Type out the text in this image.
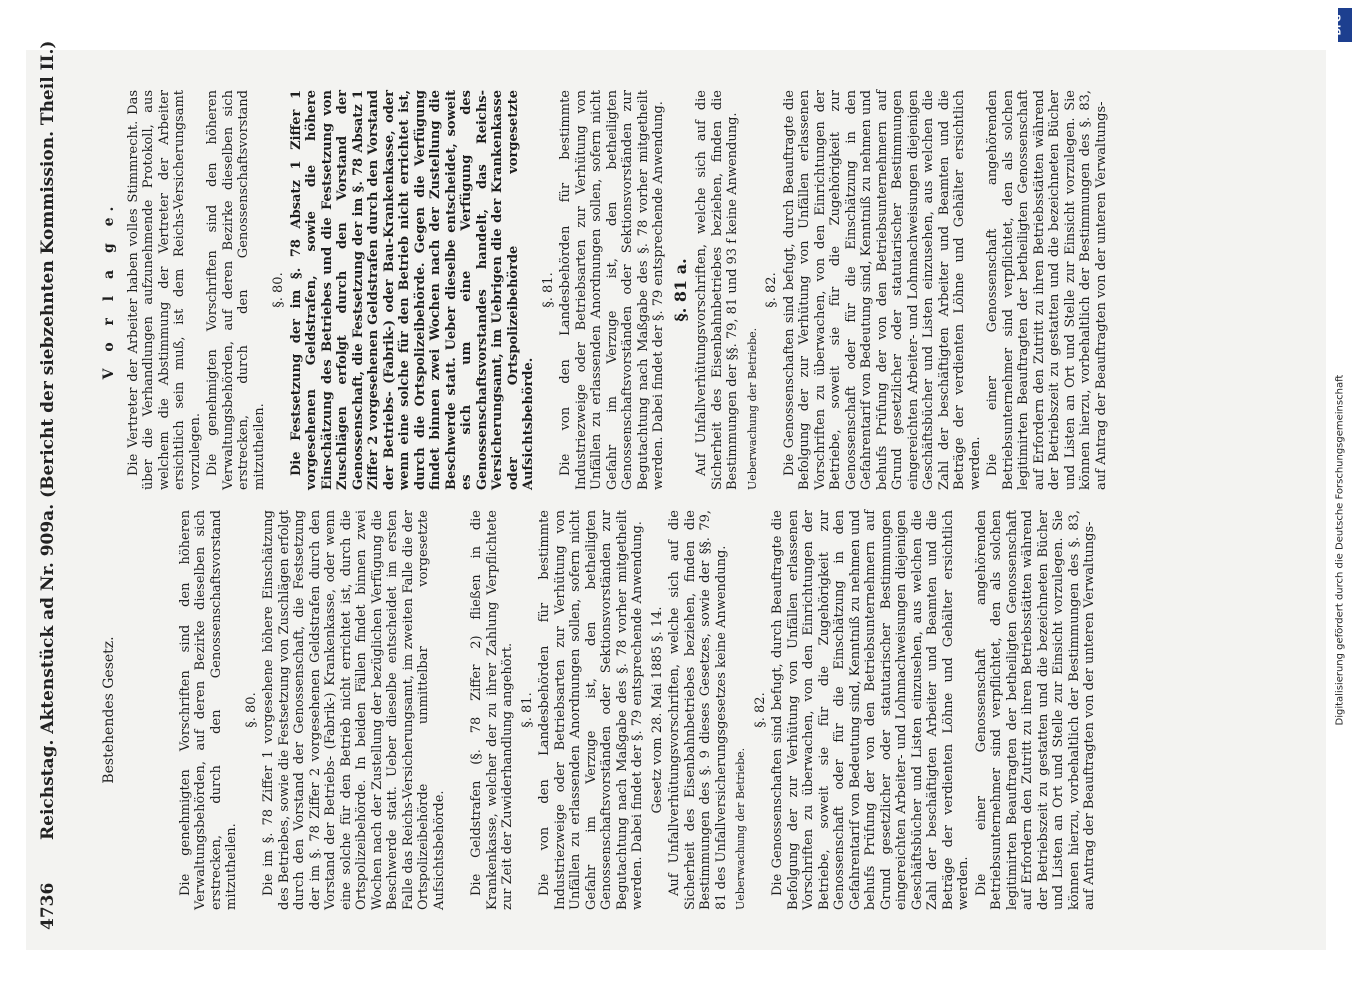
4736
Reichstag. Aktenstück ad Nr. 909a. (Bericht der siebzehnten Kommission. Theil II.)	Bestehendes Gesetz.	Die genehmigten Vorschriften sind den höheren Verwaltungsbehörden, auf deren Bezirke dieselben sich erstrecken, durch den Genossenschaftsvorstand mitzutheilen.

§. 80. Die im §. 78 Ziffer 1 vorgesehene höhere Einschätzung des Betriebes, sowie die Festsetzung von Zuschlägen erfolgt durch den Vorstand der Genossenschaft, die Festsetzung der im §. 78 Ziffer 2 vorgesehenen Geldstrafen durch den Vorstand der Betriebs- (Fabrik-) Krankenkasse, oder wenn eine solche für den Betrieb nicht errichtet ist, durch die Ortspolizeibehörde. In beiden Fällen findet binnen zwei Wochen nach der Zustellung der bezüglichen Verfügung die Beschwerde statt. Ueber dieselbe entscheidet im ersten Falle das Reichs-Versicherungsamt, im zweiten Falle die der Ortspolizeibehörde unmittelbar vorgesetzte Aufsichtsbehörde. Die Geldstrafen (§. 78 Ziffer 2) fließen in die Krankenkasse, welcher der zu ihrer Zahlung Verpflichtete zur Zeit der Zuwiderhandlung angehört. §. 81. Die von den Landesbehörden für bestimmte Industriezweige oder Betriebsarten zur Verhütung von Unfällen zu erlassenden Anordnungen sollen, sofern nicht Gefahr im Verzuge ist, den betheiligten Genossenschaftsvorständen oder Sektionsvorständen zur Begutachtung nach Maßgabe des §. 78 vorher mitgetheilt werden. Dabei findet der §. 79 entsprechende Anwendung. Gesetz vom 28. Mai 1885 §. 14. Auf Unfallverhütungsvorschriften, welche sich auf die Sicherheit des Eisenbahnbetriebes beziehen, finden die Bestimmungen des §. 9 dieses Gesetzes, sowie der §§. 79, 81 des Unfallversicherungsgesetzes keine Anwendung. Ueberwachung der Betriebe.
§. 82. Die Genossenschaften sind befugt, durch Beauftragte die Befolgung der zur Verhütung von Unfällen erlassenen Vorschriften zu überwachen, von den Einrichtungen der Betriebe, soweit sie für die Zugehörigkeit zur Genossenschaft oder für die Einschätzung in den Gefahrentarif von Bedeutung sind, Kenntniß zu nehmen und behufs Prüfung der von den Betriebsunternehmern auf Grund gesetzlicher oder statutarischer Bestimmungen eingereichten Arbeiter- und Lohnnachweisungen diejenigen Geschäftsbücher und Listen einzusehen, aus welchen die Zahl der beschäftigten Arbeiter und Beamten und die Beträge der verdienten Löhne und Gehälter ersichtlich werden. Die einer Genossenschaft angehörenden Betriebsunternehmer sind verpflichtet, den als solchen legitimirten Beauftragten der betheiligten Genossenschaft auf Erfordern den Zutritt zu ihren Betriebsstätten während der Betriebszeit zu gestatten und die bezeichneten Bücher und Listen an Ort und Stelle zur Einsicht vorzulegen. Sie können hierzu, vorbehaltlich der Bestimmungen des §. 83, auf Antrag der Beauftragten von der unteren Verwaltungs-

V o r l a g e. Die Vertreter der Arbeiter haben volles Stimmrecht. Das über die Verhandlungen aufzunehmende Protokoll, aus welchem die Abstimmung der Vertreter der Arbeiter ersichtlich sein muß, ist dem Reichs-Versicherungsamt vorzulegen. Die genehmigten Vorschriften sind den höheren Verwaltungsbehörden, auf deren Bezirke dieselben sich erstrecken, durch den Genossenschaftsvorstand mitzutheilen.

§. 80. Die Festsetzung der im §. 78 Absatz 1 Ziffer 1 vorgesehenen Geldstrafen, sowie die höhere Einschätzung des Betriebes und die Festsetzung von Zuschlägen erfolgt durch den Vorstand der Genossenschaft, die Festsetzung der im §. 78 Absatz 1 Ziffer 2 vorgesehenen Geldstrafen durch den Vorstand der Betriebs- (Fabrik-) oder Bau-Krankenkasse, oder wenn eine solche für den Betrieb nicht errichtet ist, durch die Ortspolizeibehörde. Gegen die Verfügung findet binnen zwei Wochen nach der Zustellung die Beschwerde statt. Ueber dieselbe entscheidet, soweit es sich um eine Verfügung des Genossenschaftsvorstandes handelt, das Reichs-Versicherungsamt, im Uebrigen die der Krankenkasse oder Ortspolizeibehörde vorgesetzte Aufsichtsbehörde.

§. 81. Die von den Landesbehörden für bestimmte Industriezweige oder Betriebsarten zur Verhütung von Unfällen zu erlassenden Anordnungen sollen, sofern nicht Gefahr im Verzuge ist, den betheiligten Genossenschaftsvorständen oder Sektionsvorständen zur Begutachtung nach Maßgabe des §. 78 vorher mitgetheilt werden. Dabei findet der §. 79 entsprechende Anwendung. §. 81 a. Auf Unfallverhütungsvorschriften, welche sich auf die Sicherheit des Eisenbahnbetriebes beziehen, finden die Bestimmungen der §§. 79, 81 und 93 f keine Anwendung. Ueberwachung der Betriebe.
§. 82. Die Genossenschaften sind befugt, durch Beauftragte die Befolgung der zur Verhütung von Unfällen erlassenen Vorschriften zu überwachen, von den Einrichtungen der Betriebe, soweit sie für die Zugehörigkeit zur Genossenschaft oder für die Einschätzung in den Gefahrentarif von Bedeutung sind, Kenntniß zu nehmen und behufs Prüfung der von den Betriebsunternehmern auf Grund gesetzlicher oder statutarischer Bestimmungen eingereichten Arbeiter- und Lohnnachweisungen diejenigen Geschäftsbücher und Listen einzusehen, aus welchen die Zahl der beschäftigten Arbeiter und Beamten und die Beträge der verdienten Löhne und Gehälter ersichtlich werden. Die einer Genossenschaft angehörenden Betriebsunternehmer sind verpflichtet, den als solchen legitimirten Beauftragten der betheiligten Genossenschaft auf Erfordern den Zutritt zu ihren Betriebsstätten während der Betriebszeit zu gestatten und die bezeichneten Bücher und Listen an Ort und Stelle zur Einsicht vorzulegen. Sie können hierzu, vorbehaltlich der Bestimmungen des §. 83, auf Antrag der Beauftragten von der unteren Verwaltungs-

DFG
Digitalisierung gefördert durch die Deutsche Forschungsgemeinschaft
